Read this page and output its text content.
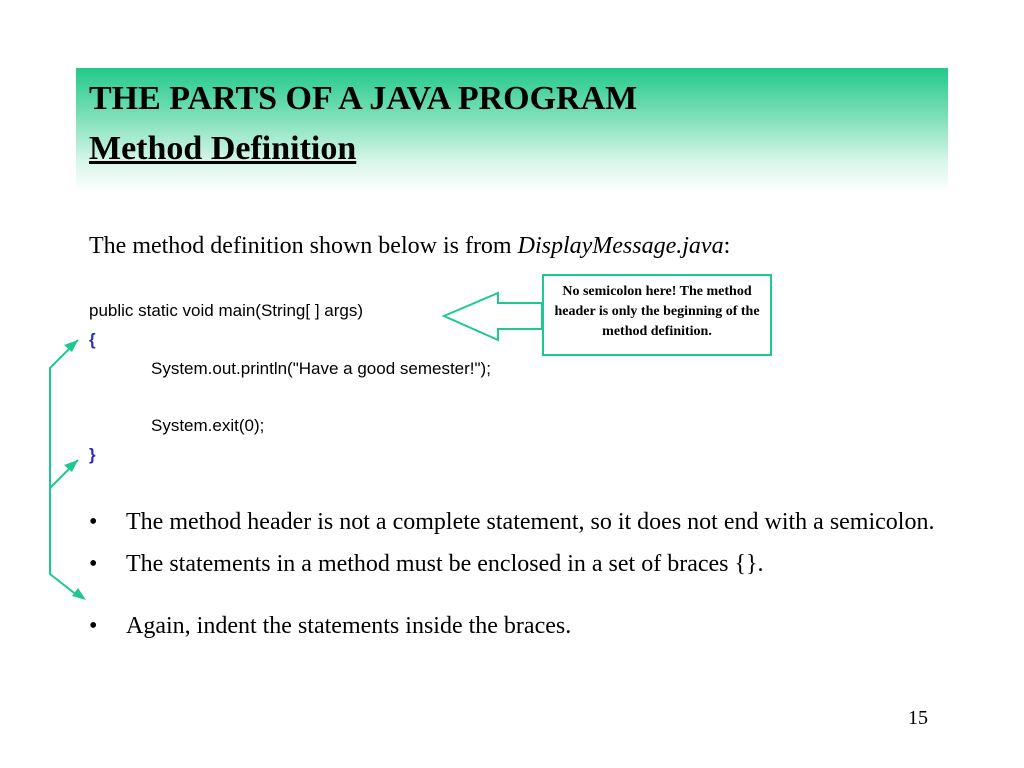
THE PARTS OF A JAVA PROGRAM
Method Definition
The method definition shown below is from DisplayMessage.java:
public static void main(String[ ] args)
{
System.out.println("Have a good semester!");
System.exit(0);
}
No semicolon here! The method header is only the beginning of the method definition.
• The method header is not a complete statement, so it does not end with a semicolon.
• The statements in a method must be enclosed in a set of braces {}.
• Again, indent the statements inside the braces.
15
